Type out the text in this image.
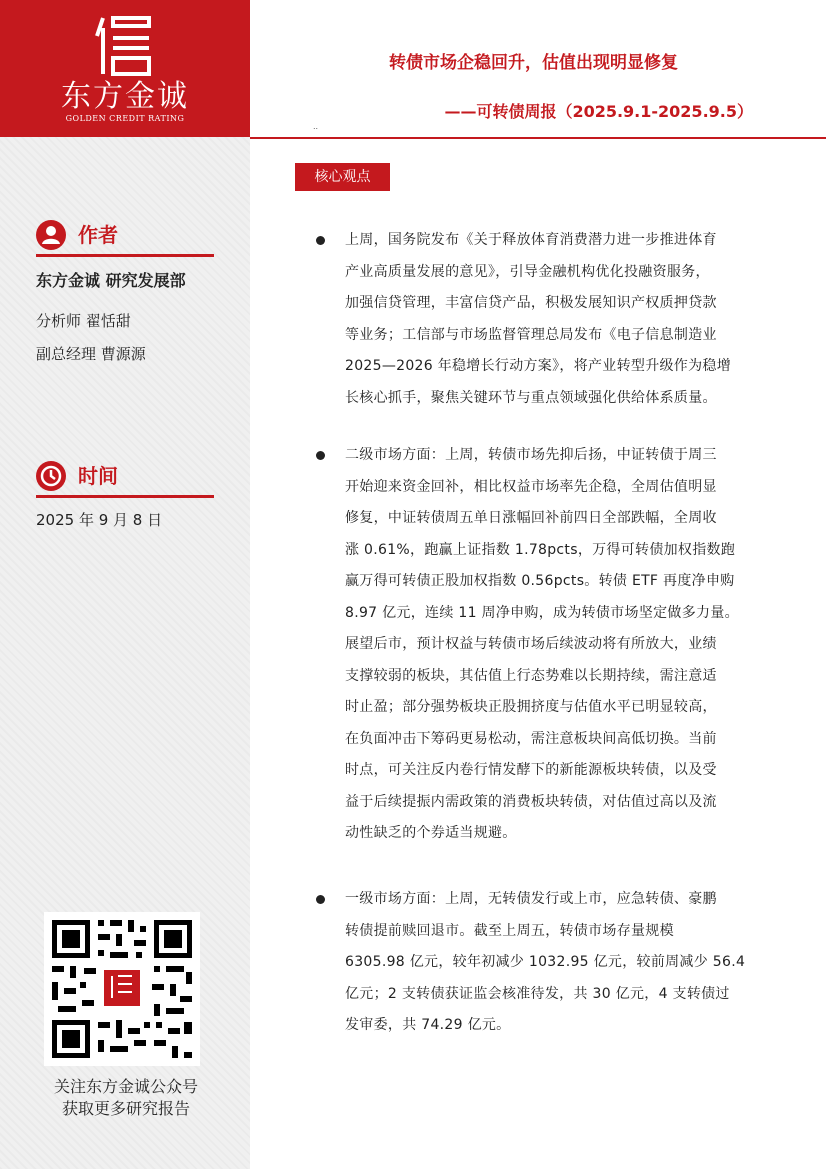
东方金诚
GOLDEN CREDIT RATING
作者
东方金诚 研究发展部
分析师 翟恬甜
副总经理 曹源源
时间
2025 年 9 月 8 日
关注东方金诚公众号
获取更多研究报告
转债市场企稳回升，估值出现明显修复
——可转债周报（2025.9.1-2025.9.5）
..
核心观点
上周，国务院发布《关于释放体育消费潜力进一步推进体育
产业高质量发展的意见》，引导金融机构优化投融资服务，
加强信贷管理，丰富信贷产品，积极发展知识产权质押贷款
等业务；工信部与市场监督管理总局发布《电子信息制造业
2025—2026 年稳增长行动方案》，将产业转型升级作为稳增
长核心抓手，聚焦关键环节与重点领域强化供给体系质量。
二级市场方面：上周，转债市场先抑后扬，中证转债于周三
开始迎来资金回补，相比权益市场率先企稳，全周估值明显
修复，中证转债周五单日涨幅回补前四日全部跌幅，全周收
涨 0.61%，跑赢上证指数 1.78pcts，万得可转债加权指数跑
赢万得可转债正股加权指数 0.56pcts。转债 ETF 再度净申购
8.97 亿元，连续 11 周净申购，成为转债市场坚定做多力量。
展望后市，预计权益与转债市场后续波动将有所放大，业绩
支撑较弱的板块，其估值上行态势难以长期持续，需注意适
时止盈；部分强势板块正股拥挤度与估值水平已明显较高，
在负面冲击下筹码更易松动，需注意板块间高低切换。当前
时点，可关注反内卷行情发酵下的新能源板块转债，以及受
益于后续提振内需政策的消费板块转债，对估值过高以及流
动性缺乏的个券适当规避。
一级市场方面：上周，无转债发行或上市，应急转债、豪鹏
转债提前赎回退市。截至上周五，转债市场存量规模
6305.98 亿元，较年初减少 1032.95 亿元，较前周减少 56.4
亿元；2 支转债获证监会核准待发，共 30 亿元，4 支转债过
发审委，共 74.29 亿元。
